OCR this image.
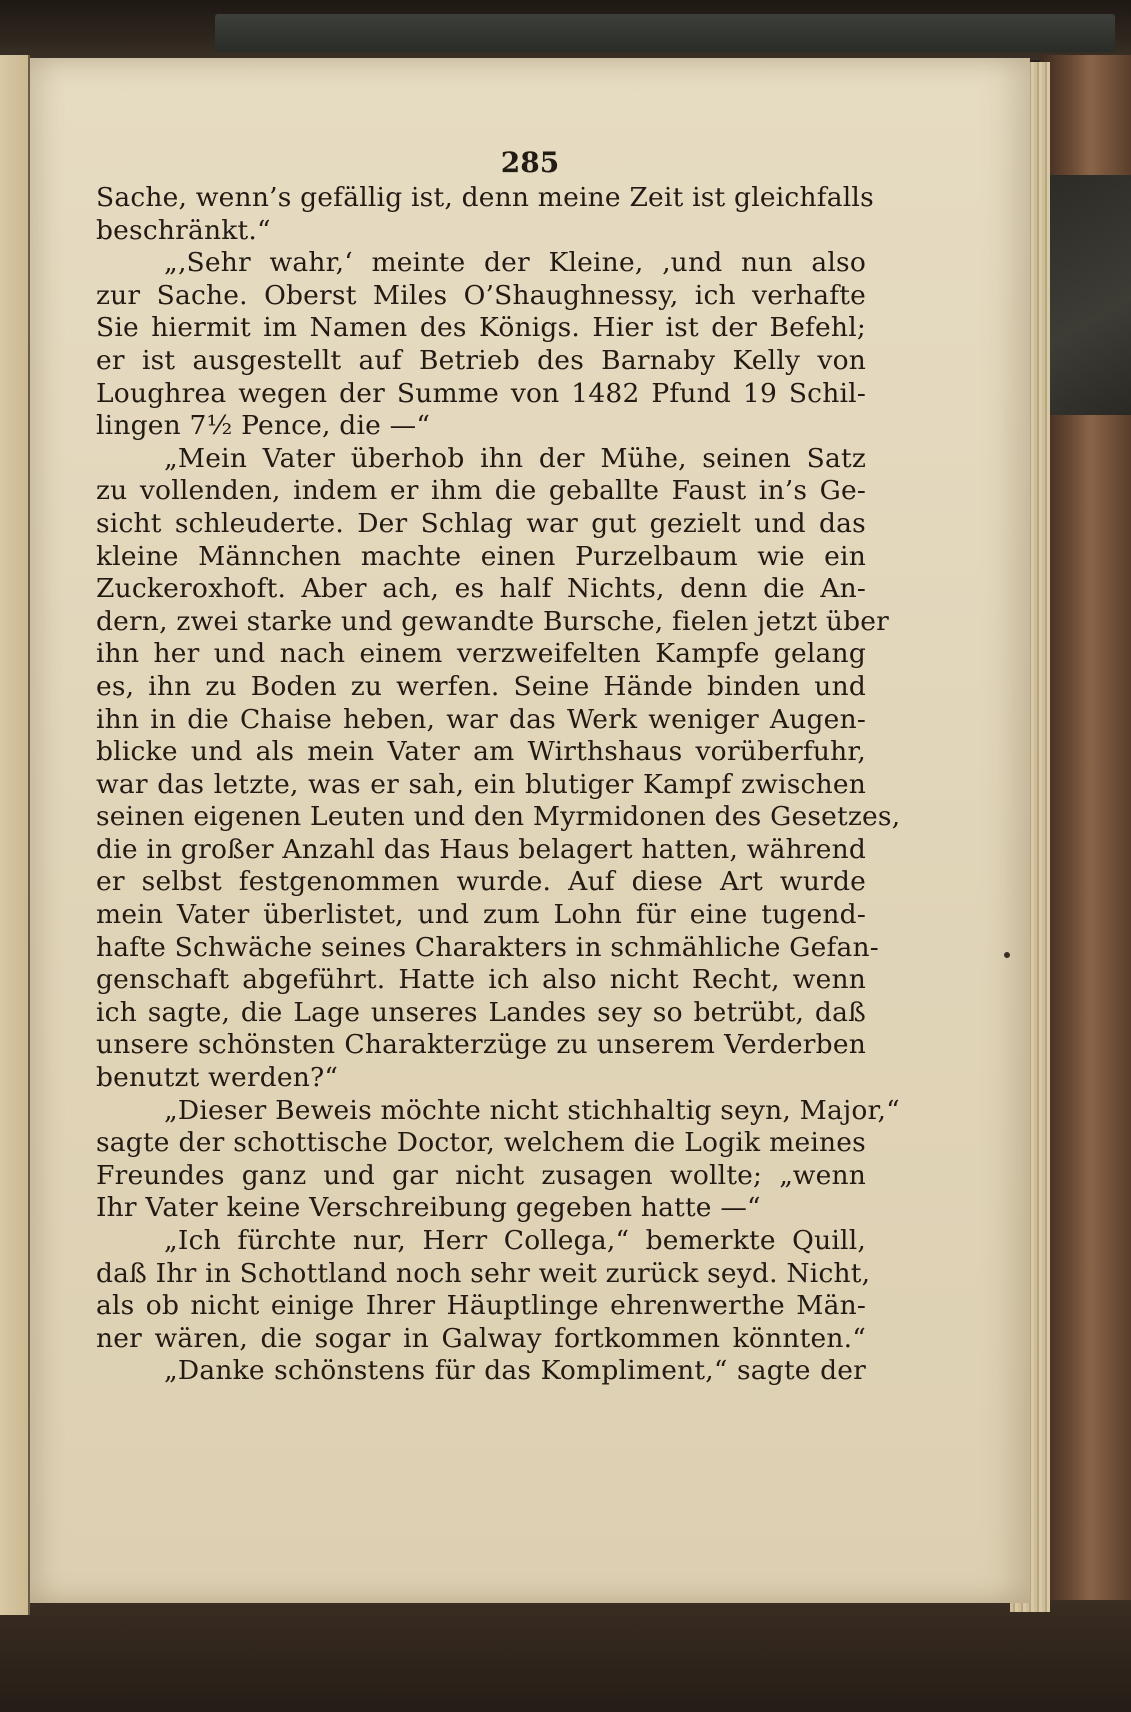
285
Sache, wenn’s gefällig ist, denn meine Zeit ist gleichfalls
beschränkt.“
„‚Sehr wahr,‘ meinte der Kleine, ‚und nun also
zur Sache. Oberst Miles O’Shaughnessy, ich verhafte
Sie hiermit im Namen des Königs. Hier ist der Befehl;
er ist ausgestellt auf Betrieb des Barnaby Kelly von
Loughrea wegen der Summe von 1482 Pfund 19 Schil-
lingen 7½ Pence, die —“
„Mein Vater überhob ihn der Mühe, seinen Satz
zu vollenden, indem er ihm die geballte Faust in’s Ge-
sicht schleuderte. Der Schlag war gut gezielt und das
kleine Männchen machte einen Purzelbaum wie ein
Zuckeroxhoft. Aber ach, es half Nichts, denn die An-
dern, zwei starke und gewandte Bursche, fielen jetzt über
ihn her und nach einem verzweifelten Kampfe gelang
es, ihn zu Boden zu werfen. Seine Hände binden und
ihn in die Chaise heben, war das Werk weniger Augen-
blicke und als mein Vater am Wirthshaus vorüberfuhr,
war das letzte, was er sah, ein blutiger Kampf zwischen
seinen eigenen Leuten und den Myrmidonen des Gesetzes,
die in großer Anzahl das Haus belagert hatten, während
er selbst festgenommen wurde. Auf diese Art wurde
mein Vater überlistet, und zum Lohn für eine tugend-
hafte Schwäche seines Charakters in schmähliche Gefan-
genschaft abgeführt. Hatte ich also nicht Recht, wenn
ich sagte, die Lage unseres Landes sey so betrübt, daß
unsere schönsten Charakterzüge zu unserem Verderben
benutzt werden?“
„Dieser Beweis möchte nicht stichhaltig seyn, Major,“
sagte der schottische Doctor, welchem die Logik meines
Freundes ganz und gar nicht zusagen wollte; „wenn
Ihr Vater keine Verschreibung gegeben hatte —“
„Ich fürchte nur, Herr Collega,“ bemerkte Quill,
daß Ihr in Schottland noch sehr weit zurück seyd. Nicht,
als ob nicht einige Ihrer Häuptlinge ehrenwerthe Män-
ner wären, die sogar in Galway fortkommen könnten.“
„Danke schönstens für das Kompliment,“ sagte der
